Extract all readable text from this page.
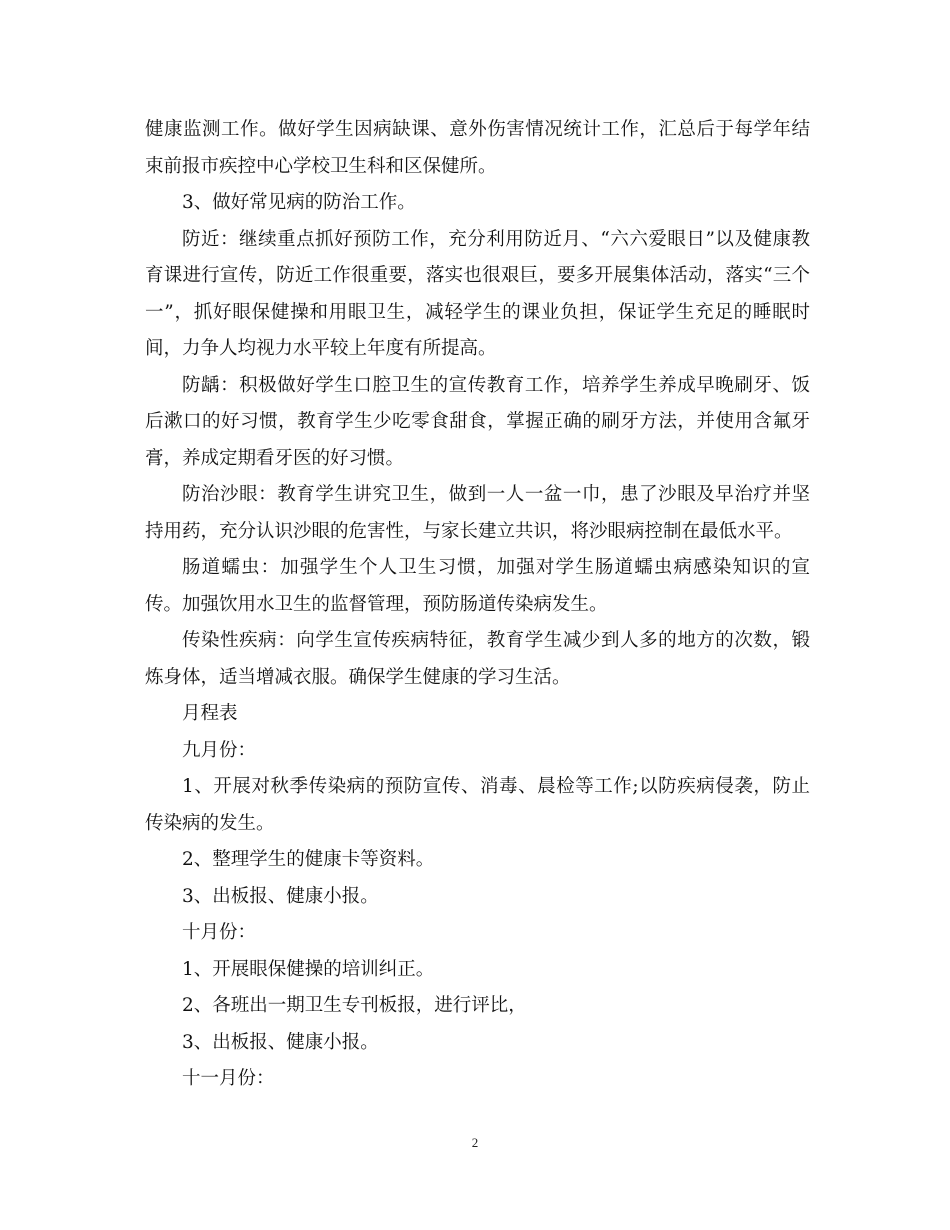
健康监测工作。做好学生因病缺课、意外伤害情况统计工作，汇总后于每学年结束前报市疾控中心学校卫生科和区保健所。

3、做好常见病的防治工作。

防近：继续重点抓好预防工作，充分利用防近月、“六六爱眼日”以及健康教育课进行宣传，防近工作很重要，落实也很艰巨，要多开展集体活动，落实“三个一”，抓好眼保健操和用眼卫生，减轻学生的课业负担，保证学生充足的睡眠时间，力争人均视力水平较上年度有所提高。

防龋：积极做好学生口腔卫生的宣传教育工作，培养学生养成早晚刷牙、饭后漱口的好习惯，教育学生少吃零食甜食，掌握正确的刷牙方法，并使用含氟牙膏，养成定期看牙医的好习惯。

防治沙眼：教育学生讲究卫生，做到一人一盆一巾，患了沙眼及早治疗并坚持用药，充分认识沙眼的危害性，与家长建立共识，将沙眼病控制在最低水平。

肠道蠕虫：加强学生个人卫生习惯，加强对学生肠道蠕虫病感染知识的宣传。加强饮用水卫生的监督管理，预防肠道传染病发生。

传染性疾病：向学生宣传疾病特征，教育学生减少到人多的地方的次数，锻炼身体，适当增减衣服。确保学生健康的学习生活。

月程表

九月份：

1、开展对秋季传染病的预防宣传、消毒、晨检等工作;以防疾病侵袭，防止传染病的发生。

2、整理学生的健康卡等资料。

3、出板报、健康小报。

十月份：

1、开展眼保健操的培训纠正。

2、各班出一期卫生专刊板报，进行评比，

3、出板报、健康小报。

十一月份：

2
